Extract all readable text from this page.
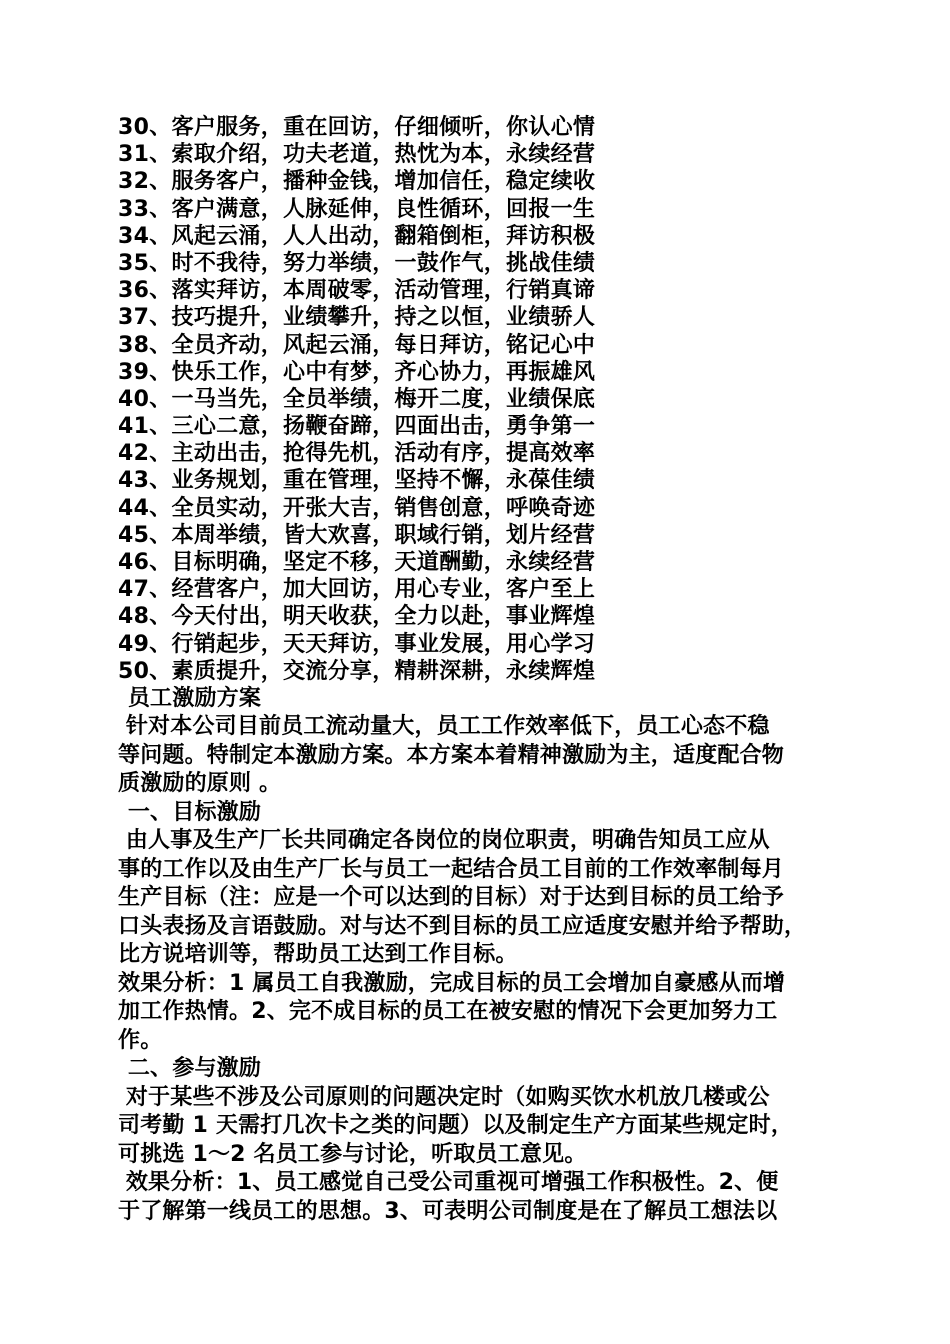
30、客户服务，重在回访，仔细倾听，你认心情
31、索取介绍，功夫老道，热忱为本，永续经营
32、服务客户，播种金钱，增加信任，稳定续收
33、客户满意，人脉延伸，良性循环，回报一生
34、风起云涌，人人出动，翻箱倒柜，拜访积极
35、时不我待，努力举绩，一鼓作气，挑战佳绩
36、落实拜访，本周破零，活动管理，行销真谛
37、技巧提升，业绩攀升，持之以恒，业绩骄人
38、全员齐动，风起云涌，每日拜访，铭记心中
39、快乐工作，心中有梦，齐心协力，再振雄风
40、一马当先，全员举绩，梅开二度，业绩保底
41、三心二意，扬鞭奋蹄，四面出击，勇争第一
42、主动出击，抢得先机，活动有序，提高效率
43、业务规划，重在管理，坚持不懈，永葆佳绩
44、全员实动，开张大吉，销售创意，呼唤奇迹
45、本周举绩，皆大欢喜，职域行销，划片经营
46、目标明确，坚定不移，天道酬勤，永续经营
47、经营客户，加大回访，用心专业，客户至上
48、今天付出，明天收获，全力以赴，事业辉煌
49、行销起步，天天拜访，事业发展，用心学习
50、素质提升，交流分享，精耕深耕，永续辉煌
员工激励方案
针对本公司目前员工流动量大，员工工作效率低下，员工心态不稳
等问题。特制定本激励方案。本方案本着精神激励为主，适度配合物
质激励的原则 。
一、目标激励
由人事及生产厂长共同确定各岗位的岗位职责，明确告知员工应从
事的工作以及由生产厂长与员工一起结合员工目前的工作效率制每月
生产目标（注：应是一个可以达到的目标）对于达到目标的员工给予
口头表扬及言语鼓励。对与达不到目标的员工应适度安慰并给予帮助，
比方说培训等，帮助员工达到工作目标。
效果分析：1 属员工自我激励，完成目标的员工会增加自豪感从而增
加工作热情。2、完不成目标的员工在被安慰的情况下会更加努力工
作。
二、参与激励
对于某些不涉及公司原则的问题决定时（如购买饮水机放几楼或公
司考勤 1 天需打几次卡之类的问题）以及制定生产方面某些规定时，
可挑选 1～2 名员工参与讨论，听取员工意见。
效果分析：1、员工感觉自己受公司重视可增强工作积极性。2、便
于了解第一线员工的思想。3、可表明公司制度是在了解员工想法以
